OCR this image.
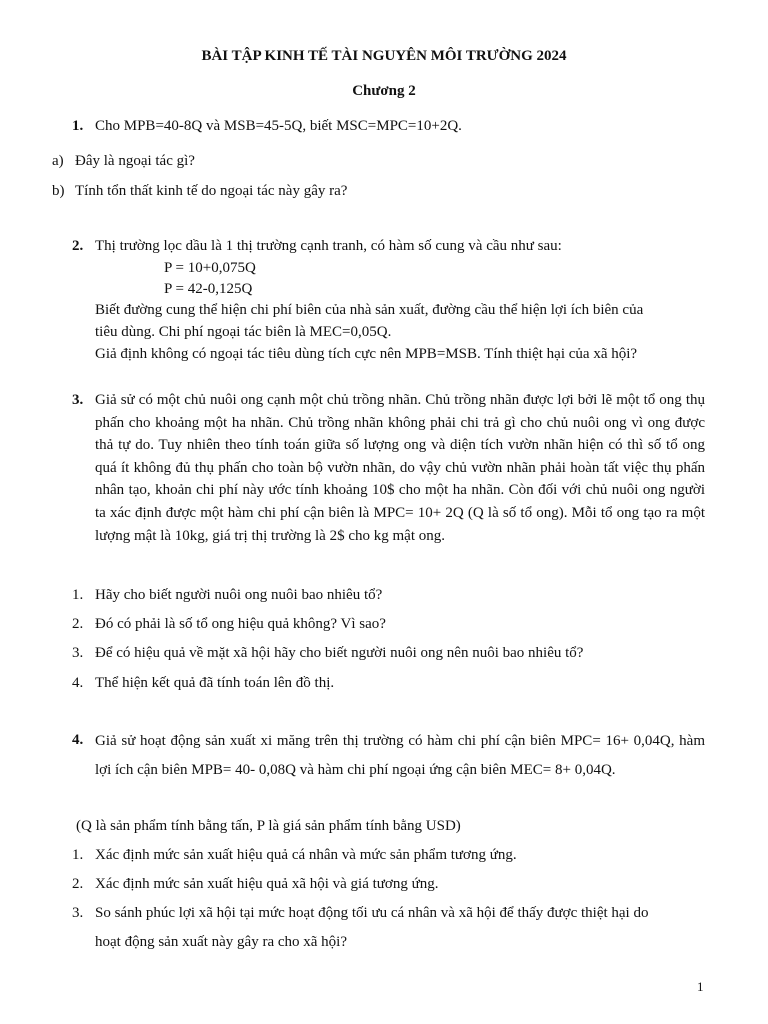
BÀI TẬP KINH TẾ TÀI NGUYÊN MÔI TRƯỜNG 2024
Chương 2
1. Cho MPB=40-8Q và MSB=45-5Q, biết MSC=MPC=10+2Q.
a) Đây là ngoại tác gì?
b) Tính tổn thất kinh tế do ngoại tác này gây ra?
2. Thị trường lọc dầu là 1 thị trường cạnh tranh, có hàm số cung và cầu như sau:
P = 10+0,075Q
P = 42-0,125Q
Biết đường cung thể hiện chi phí biên của nhà sản xuất, đường cầu thể hiện lợi ích biên của
tiêu dùng. Chi phí ngoại tác biên là MEC=0,05Q.
Giả định không có ngoại tác tiêu dùng tích cực nên MPB=MSB. Tính thiệt hại của xã hội?
3. Giả sử có một chủ nuôi ong cạnh một chủ trồng nhãn. Chủ trồng nhãn được lợi bởi lẽ một tổ ong thụ phấn cho khoảng một ha nhãn. Chủ trồng nhãn không phải chi trả gì cho chủ nuôi ong vì ong được thả tự do. Tuy nhiên theo tính toán giữa số lượng ong và diện tích vườn nhãn hiện có thì số tổ ong quá ít không đủ thụ phấn cho toàn bộ vườn nhãn, do vậy chủ vườn nhãn phải hoàn tất việc thụ phấn nhân tạo, khoản chi phí này ước tính khoảng 10$ cho một ha nhãn. Còn đối với chủ nuôi ong người ta xác định được một hàm chi phí cận biên là MPC= 10+ 2Q (Q là số tổ ong). Mỗi tổ ong tạo ra một lượng mật là 10kg, giá trị thị trường là 2$ cho kg mật ong.
1. Hãy cho biết người nuôi ong nuôi bao nhiêu tổ?
2. Đó có phải là số tổ ong hiệu quả không? Vì sao?
3. Để có hiệu quả về mặt xã hội hãy cho biết người nuôi ong nên nuôi bao nhiêu tổ?
4. Thể hiện kết quả đã tính toán lên đồ thị.
4. Giả sử hoạt động sản xuất xi măng trên thị trường có hàm chi phí cận biên MPC= 16+ 0,04Q, hàm lợi ích cận biên MPB= 40- 0,08Q và hàm chi phí ngoại ứng cận biên MEC= 8+ 0,04Q.
(Q là sản phẩm tính bằng tấn, P là giá sản phẩm tính bằng USD)
1. Xác định mức sản xuất hiệu quả cá nhân và mức sản phẩm tương ứng.
2. Xác định mức sản xuất hiệu quả xã hội và giá tương ứng.
3. So sánh phúc lợi xã hội tại mức hoạt động tối ưu cá nhân và xã hội để thấy được thiệt hại do
hoạt động sản xuất này gây ra cho xã hội?
1
